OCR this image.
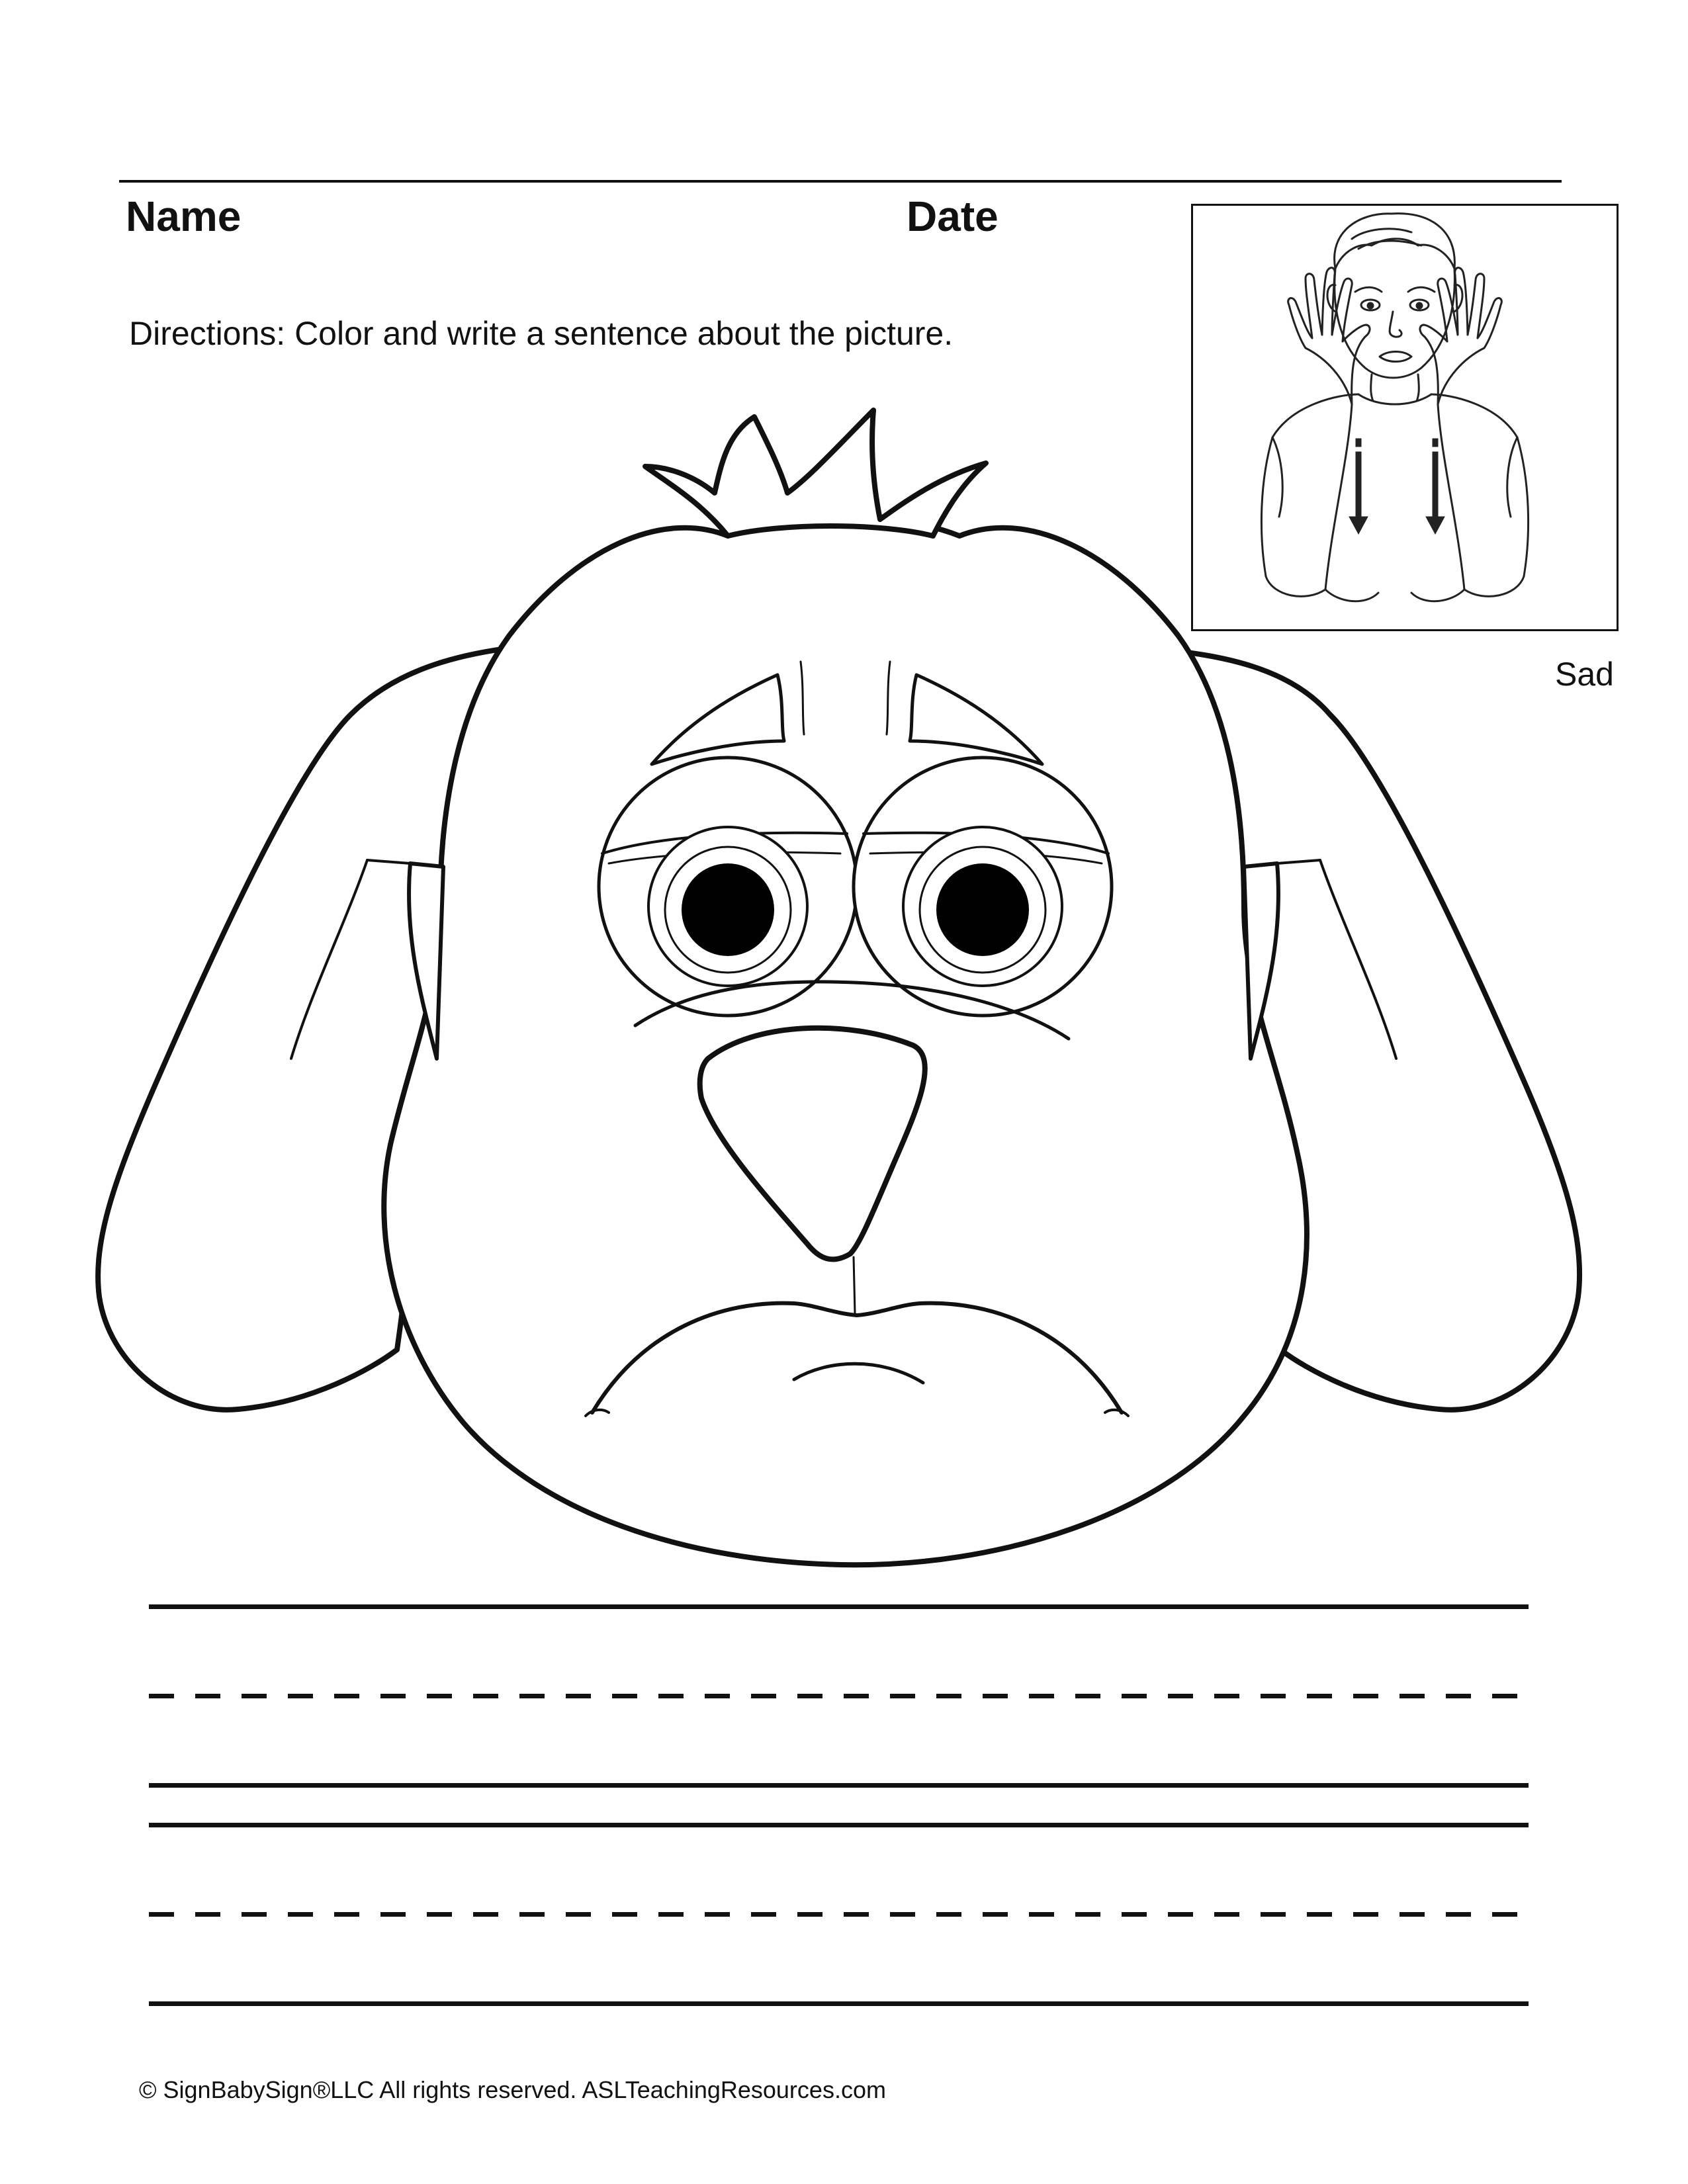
Name	Date
Directions: Color and write a sentence about the picture.
Sad
© SignBabySign®LLC All rights reserved. ASLTeachingResources.com
